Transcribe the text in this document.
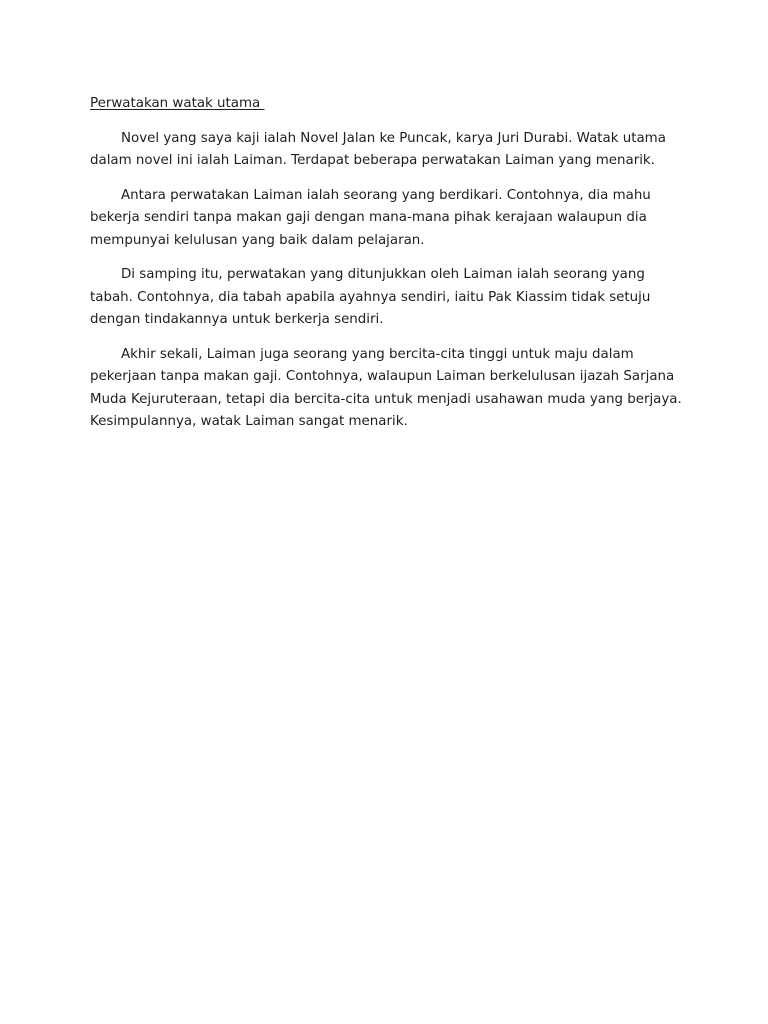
Perwatakan watak utama

Novel yang saya kaji ialah Novel Jalan ke Puncak, karya Juri Durabi. Watak utama dalam novel ini ialah Laiman. Terdapat beberapa perwatakan Laiman yang menarik.

Antara perwatakan Laiman ialah seorang yang berdikari. Contohnya, dia mahu bekerja sendiri tanpa makan gaji dengan mana-mana pihak kerajaan walaupun dia mempunyai kelulusan yang baik dalam pelajaran.

Di samping itu, perwatakan yang ditunjukkan oleh Laiman ialah seorang yang tabah. Contohnya, dia tabah apabila ayahnya sendiri, iaitu Pak Kiassim tidak setuju dengan tindakannya untuk berkerja sendiri.

Akhir sekali, Laiman juga seorang yang bercita-cita tinggi untuk maju dalam pekerjaan tanpa makan gaji. Contohnya, walaupun Laiman berkelulusan ijazah Sarjana Muda Kejuruteraan, tetapi dia bercita-cita untuk menjadi usahawan muda yang berjaya. Kesimpulannya, watak Laiman sangat menarik.
